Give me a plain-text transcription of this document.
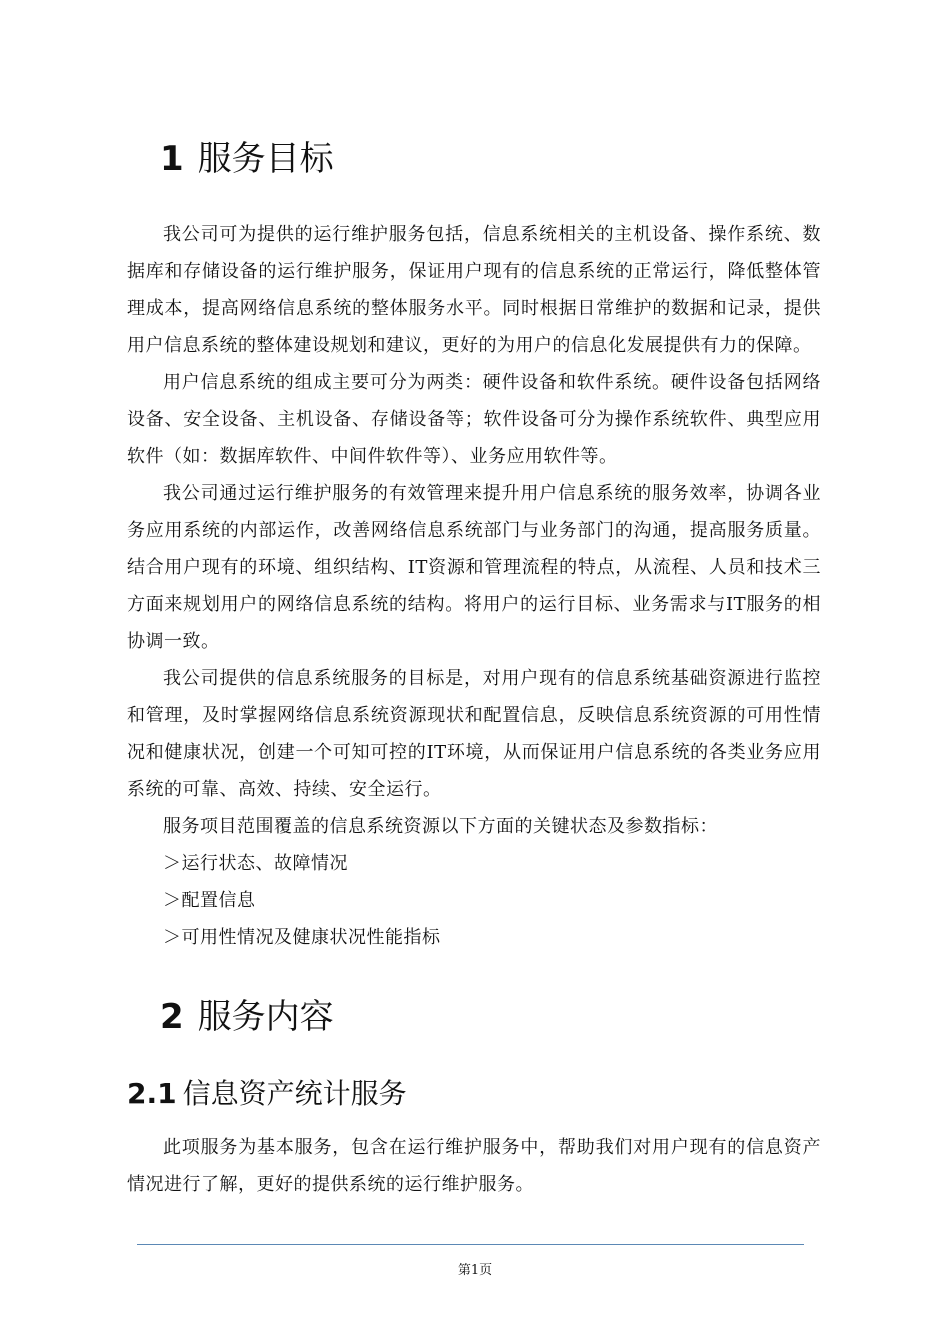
1 服务目标

我公司可为提供的运行维护服务包括，信息系统相关的主机设备、操作系统、数据库和存储设备的运行维护服务，保证用户现有的信息系统的正常运行，降低整体管理成本，提高网络信息系统的整体服务水平。同时根据日常维护的数据和记录，提供用户信息系统的整体建设规划和建议，更好的为用户的信息化发展提供有力的保障。

用户信息系统的组成主要可分为两类：硬件设备和软件系统。硬件设备包括网络设备、安全设备、主机设备、存储设备等；软件设备可分为操作系统软件、典型应用软件（如：数据库软件、中间件软件等）、业务应用软件等。

我公司通过运行维护服务的有效管理来提升用户信息系统的服务效率，协调各业务应用系统的内部运作，改善网络信息系统部门与业务部门的沟通，提高服务质量。结合用户现有的环境、组织结构、IT资源和管理流程的特点，从流程、人员和技术三方面来规划用户的网络信息系统的结构。将用户的运行目标、业务需求与IT服务的相协调一致。

我公司提供的信息系统服务的目标是，对用户现有的信息系统基础资源进行监控和管理，及时掌握网络信息系统资源现状和配置信息，反映信息系统资源的可用性情况和健康状况，创建一个可知可控的IT环境，从而保证用户信息系统的各类业务应用系统的可靠、高效、持续、安全运行。

服务项目范围覆盖的信息系统资源以下方面的关键状态及参数指标：

＞运行状态、故障情况

＞配置信息

＞可用性情况及健康状况性能指标

2 服务内容
2.1 信息资产统计服务

此项服务为基本服务，包含在运行维护服务中，帮助我们对用户现有的信息资产情况进行了解，更好的提供系统的运行维护服务。

第1页
